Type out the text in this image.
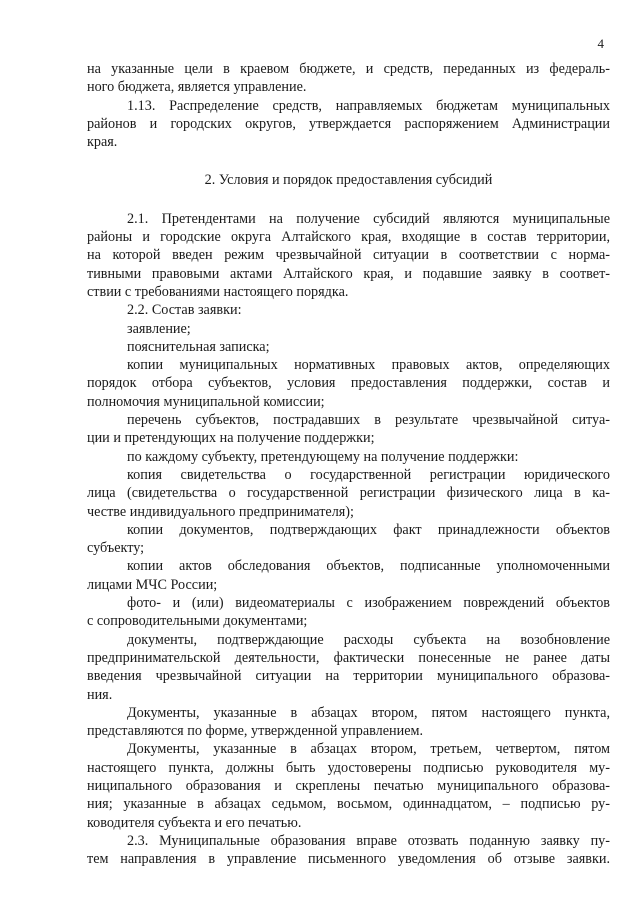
4
на указанные цели в краевом бюджете, и средств, переданных из федераль-
ного бюджета, является управление.
1.13. Распределение средств, направляемых бюджетам муниципальных
районов и городских округов, утверждается распоряжением Администрации
края.
2. Условия и порядок предоставления субсидий
2.1. Претендентами на получение субсидий являются муниципальные
районы и городские округа Алтайского края, входящие в состав территории,
на которой введен режим чрезвычайной ситуации в соответствии с норма-
тивными правовыми актами Алтайского края, и подавшие заявку в соответ-
ствии с требованиями настоящего порядка.
2.2. Состав заявки:
заявление;
пояснительная записка;
копии муниципальных нормативных правовых актов, определяющих
порядок отбора субъектов, условия предоставления поддержки, состав и
полномочия муниципальной комиссии;
перечень субъектов, пострадавших в результате чрезвычайной ситуа-
ции и претендующих на получение поддержки;
по каждому субъекту, претендующему на получение поддержки:
копия свидетельства о государственной регистрации юридического
лица (свидетельства о государственной регистрации физического лица в ка-
честве индивидуального предпринимателя);
копии документов, подтверждающих факт принадлежности объектов
субъекту;
копии актов обследования объектов, подписанные уполномоченными
лицами МЧС России;
фото- и (или) видеоматериалы с изображением повреждений объектов
с сопроводительными документами;
документы, подтверждающие расходы субъекта на возобновление
предпринимательской деятельности, фактически понесенные не ранее даты
введения чрезвычайной ситуации на территории муниципального образова-
ния.
Документы, указанные в абзацах втором, пятом настоящего пункта,
представляются по форме, утвержденной управлением.
Документы, указанные в абзацах втором, третьем, четвертом, пятом
настоящего пункта, должны быть удостоверены подписью руководителя му-
ниципального образования и скреплены печатью муниципального образова-
ния; указанные в абзацах седьмом, восьмом, одиннадцатом, – подписью ру-
ководителя субъекта и его печатью.
2.3. Муниципальные образования вправе отозвать поданную заявку пу-
тем направления в управление письменного уведомления об отзыве заявки.
